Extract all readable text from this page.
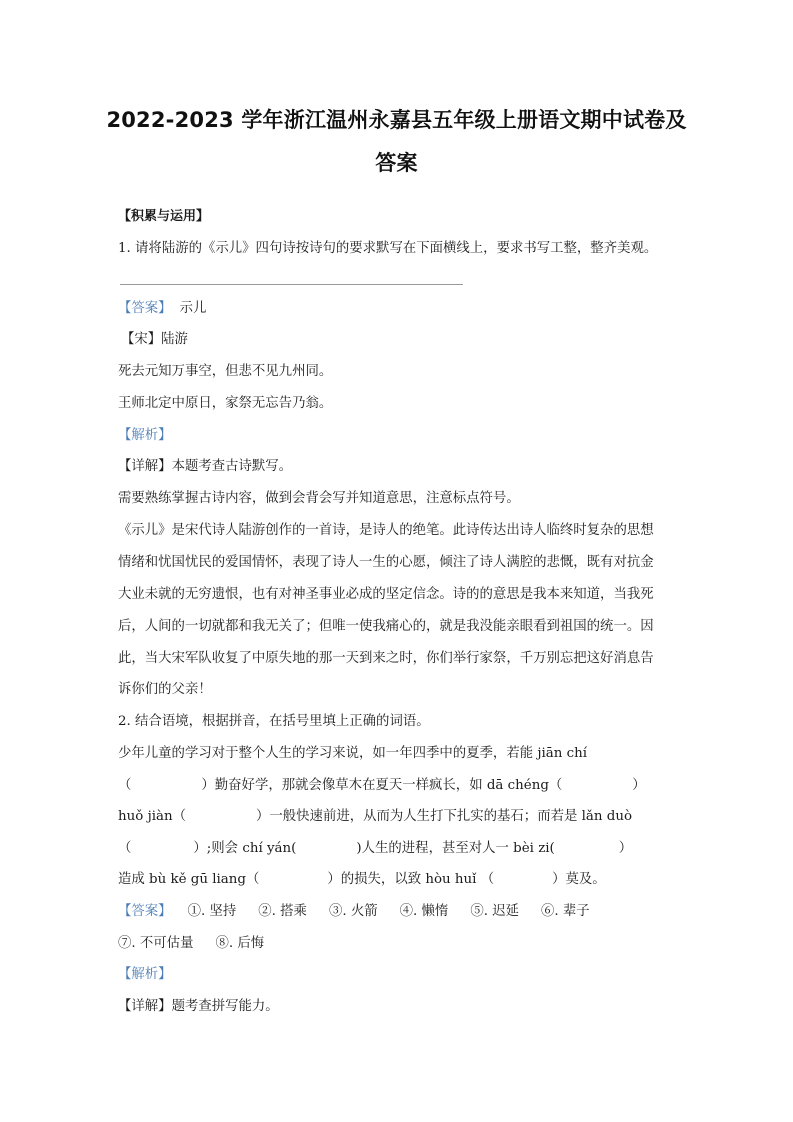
2022-2023 学年浙江温州永嘉县五年级上册语文期中试卷及
答案
【积累与运用】
1. 请将陆游的《示儿》四句诗按诗句的要求默写在下面横线上，要求书写工整，整齐美观。
【答案】 示儿
【宋】陆游
死去元知万事空，但悲不见九州同。
王师北定中原日，家祭无忘告乃翁。
【解析】
【详解】本题考查古诗默写。
需要熟练掌握古诗内容，做到会背会写并知道意思，注意标点符号。
《示儿》是宋代诗人陆游创作的一首诗，是诗人的绝笔。此诗传达出诗人临终时复杂的思想
情绪和忧国忧民的爱国情怀，表现了诗人一生的心愿，倾注了诗人满腔的悲慨，既有对抗金
大业未就的无穷遗恨，也有对神圣事业必成的坚定信念。诗的的意思是我本来知道，当我死
后，人间的一切就都和我无关了；但唯一使我痛心的，就是我没能亲眼看到祖国的统一。因
此，当大宋军队收复了中原失地的那一天到来之时，你们举行家祭，千万别忘把这好消息告
诉你们的父亲！
2. 结合语境，根据拼音，在括号里填上正确的词语。
少年儿童的学习对于整个人生的学习来说，如一年四季中的夏季，若能 jiān chí
（	）勤奋好学，那就会像草木在夏天一样疯长，如 dā chéng（	）
huǒ jiàn（	）一般快速前进，从而为人生打下扎实的基石；而若是 lǎn duò
（	）;则会 chí yán(	)人生的进程，甚至对人一 bèi zi(	）
造成 bù kě gū liang（	）的损失，以致 hòu huǐ （	）莫及。
【答案】 ①. 坚持 ②. 搭乘 ③. 火箭 ④. 懒惰 ⑤. 迟延 ⑥. 辈子
⑦. 不可估量 ⑧. 后悔
【解析】
【详解】题考查拼写能力。
